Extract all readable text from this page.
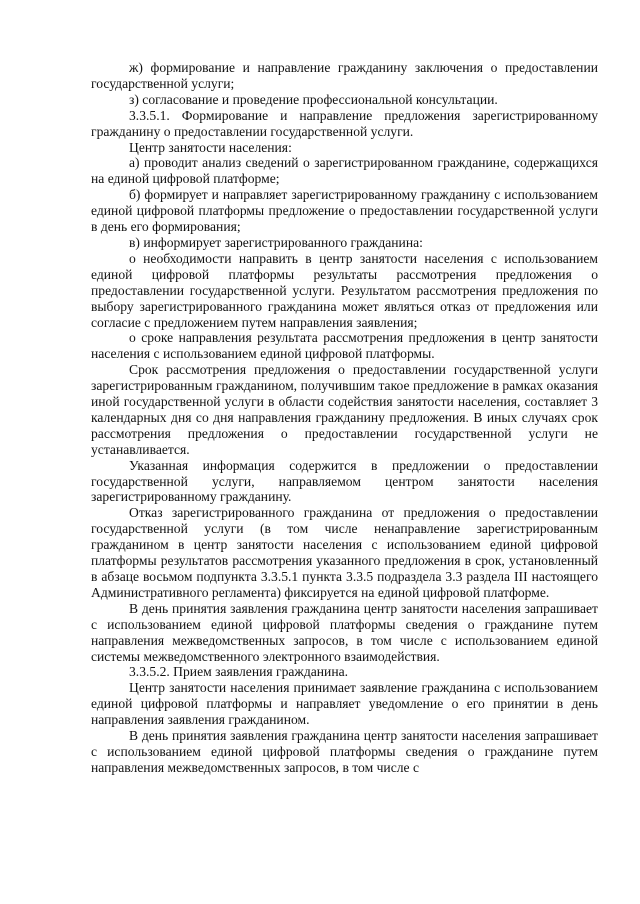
ж) формирование и направление гражданину заключения о предоставлении государственной услуги;

з) согласование и проведение профессиональной консультации.

3.3.5.1. Формирование и направление предложения зарегистрированному гражданину о предоставлении государственной услуги.

Центр занятости населения:

а) проводит анализ сведений о зарегистрированном гражданине, содержащихся на единой цифровой платформе;

б) формирует и направляет зарегистрированному гражданину с использованием единой цифровой платформы предложение о предоставлении государственной услуги в день его формирования;

в) информирует зарегистрированного гражданина:

о необходимости направить в центр занятости населения с использованием единой цифровой платформы результаты рассмотрения предложения о предоставлении государственной услуги. Результатом рассмотрения предложения по выбору зарегистрированного гражданина может являться отказ от предложения или согласие с предложением путем направления заявления;

о сроке направления результата рассмотрения предложения в центр занятости населения с использованием единой цифровой платформы.

Срок рассмотрения предложения о предоставлении государственной услуги зарегистрированным гражданином, получившим такое предложение в рамках оказания иной государственной услуги в области содействия занятости населения, составляет 3 календарных дня со дня направления гражданину предложения. В иных случаях срок рассмотрения предложения о предоставлении государственной услуги не устанавливается.

Указанная информация содержится в предложении о предоставлении государственной услуги, направляемом центром занятости населения зарегистрированному гражданину.

Отказ зарегистрированного гражданина от предложения о предоставлении государственной услуги (в том числе ненаправление зарегистрированным гражданином в центр занятости населения с использованием единой цифровой платформы результатов рассмотрения указанного предложения в срок, установленный в абзаце восьмом подпункта 3.3.5.1 пункта 3.3.5 подраздела 3.3 раздела III настоящего Административного регламента) фиксируется на единой цифровой платформе.

В день принятия заявления гражданина центр занятости населения запрашивает с использованием единой цифровой платформы сведения о гражданине путем направления межведомственных запросов, в том числе с использованием единой системы межведомственного электронного взаимодействия.

3.3.5.2. Прием заявления гражданина.

Центр занятости населения принимает заявление гражданина с использованием единой цифровой платформы и направляет уведомление о его принятии в день направления заявления гражданином.

В день принятия заявления гражданина центр занятости населения запрашивает с использованием единой цифровой платформы сведения о гражданине путем направления межведомственных запросов, в том числе с
